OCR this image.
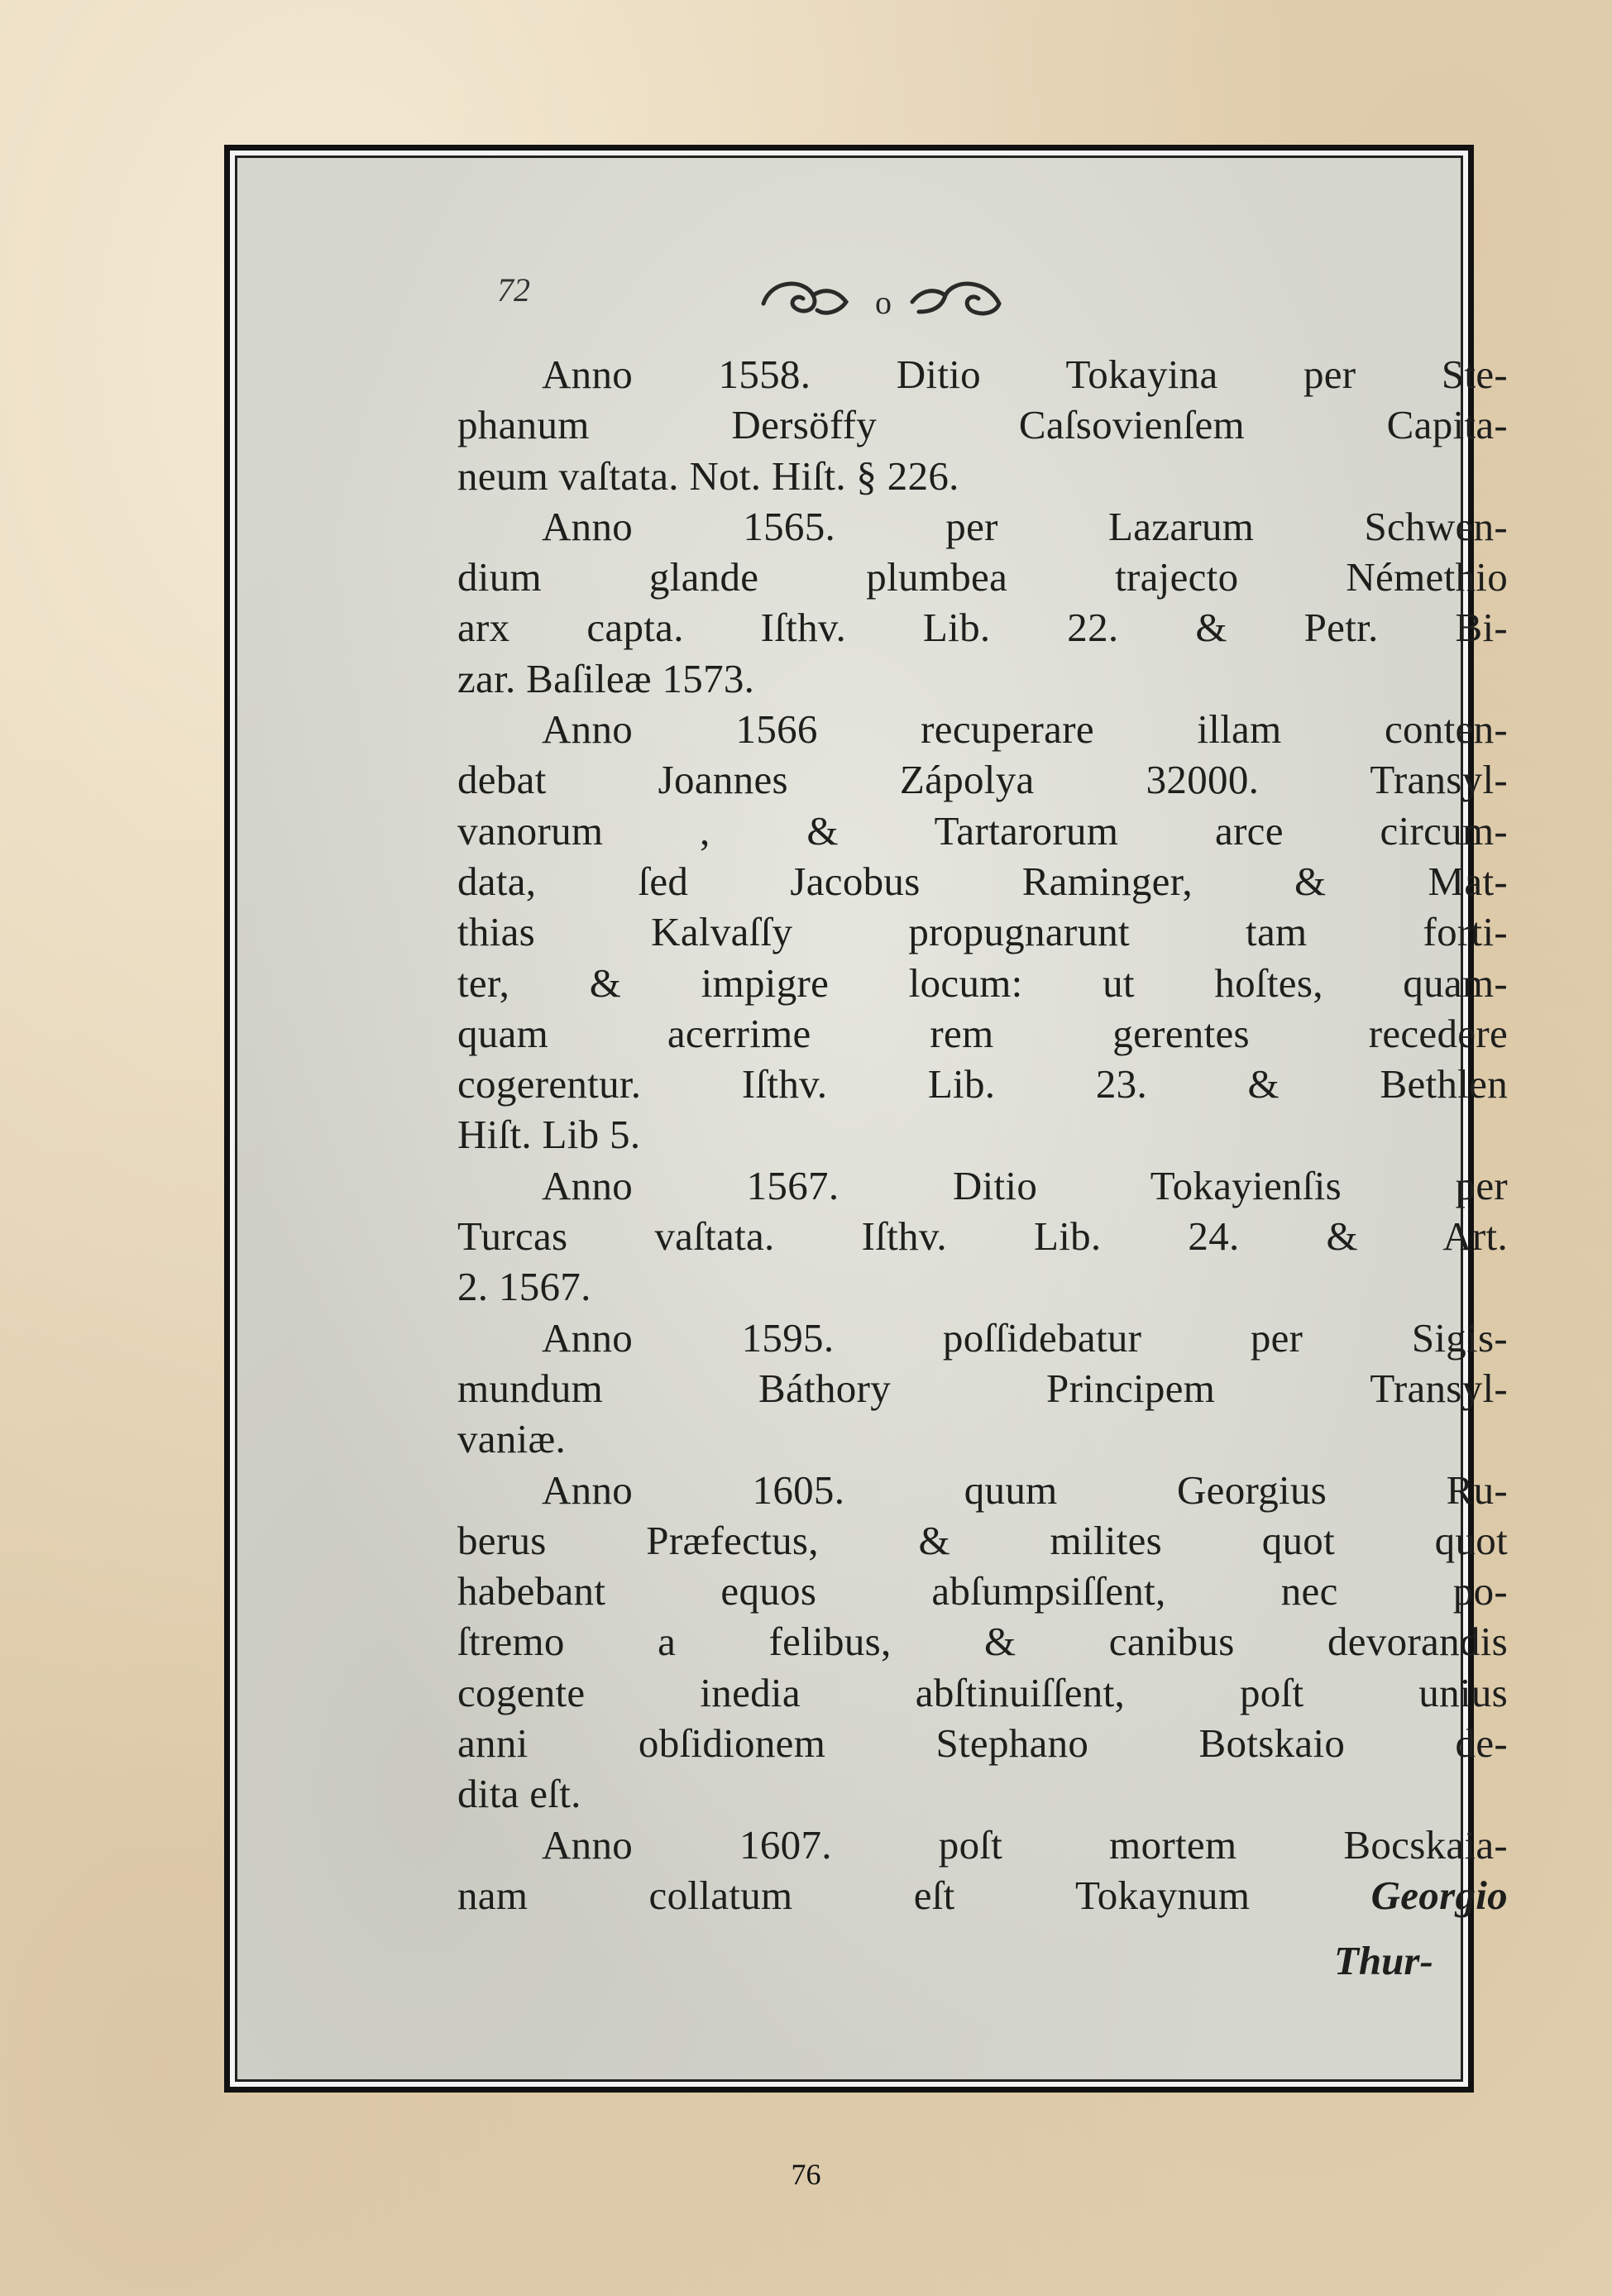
72	o
Anno 1558. Ditio Tokayina per Ste-
phanum Dersöffy Caſsovienſem Capita-
neum vaſtata. Not. Hiſt. § 226.
Anno 1565. per Lazarum Schwen-
dium glande plumbea trajecto Némethio
arx capta. Iſthv. Lib. 22. & Petr. Bi-
zar. Baſileæ 1573.
Anno 1566 recuperare illam conten-
debat Joannes Zápolya 32000. Transyl-
vanorum , & Tartarorum arce circum-
data, ſed Jacobus Raminger, & Mat-
thias Kalvaſſy propugnarunt tam forti-
ter, & impigre locum: ut hoſtes, quam-
quam acerrime rem gerentes recedere
cogerentur. Iſthv. Lib. 23. & Bethlen
Hiſt. Lib 5.
Anno 1567. Ditio Tokayienſis per
Turcas vaſtata. Iſthv. Lib. 24. & Art.
2. 1567.
Anno 1595. poſſidebatur per Sigis-
mundum Báthory Principem Transyl-
vaniæ.
Anno 1605. quum Georgius Ru-
berus Præfectus, & milites quot quot
habebant equos abſumpsiſſent, nec po-
ſtremo a felibus, & canibus devorandis
cogente inedia abſtinuiſſent, poſt unius
anni obſidionem Stephano Botskaio de-
dita eſt.
Anno 1607. poſt mortem Bocskaia-
nam collatum eſt Tokaynum	Georgio
Thur-
76
